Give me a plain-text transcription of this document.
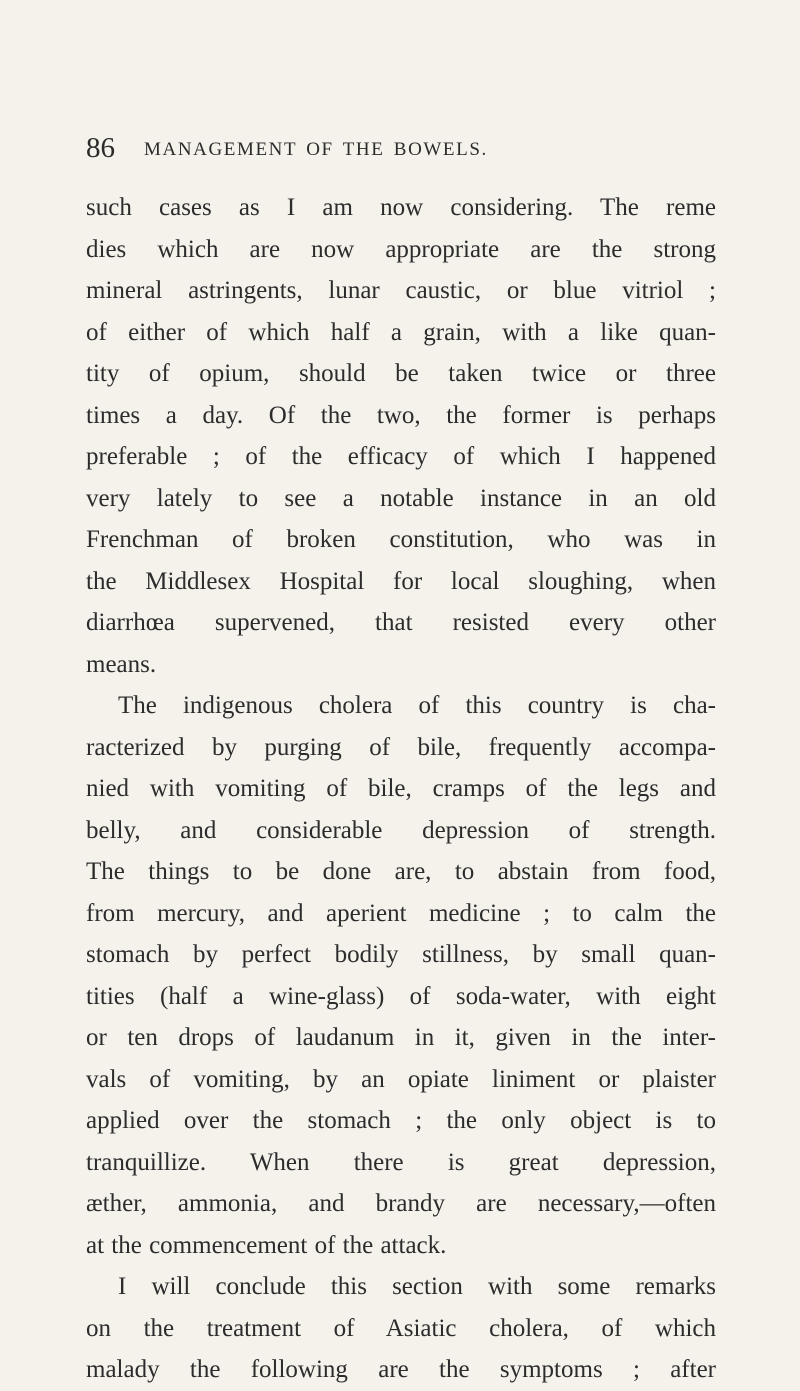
86 MANAGEMENT OF THE BOWELS.
such cases as I am now considering. The reme
dies which are now appropriate are the strong
mineral astringents, lunar caustic, or blue vitriol ;
of either of which half a grain, with a like quan-
tity of opium, should be taken twice or three
times a day. Of the two, the former is perhaps
preferable ; of the efficacy of which I happened
very lately to see a notable instance in an old
Frenchman of broken constitution, who was in
the Middlesex Hospital for local sloughing, when
diarrhœa supervened, that resisted every other
means.
The indigenous cholera of this country is cha-
racterized by purging of bile, frequently accompa-
nied with vomiting of bile, cramps of the legs and
belly, and considerable depression of strength.
The things to be done are, to abstain from food,
from mercury, and aperient medicine ; to calm the
stomach by perfect bodily stillness, by small quan-
tities (half a wine-glass) of soda-water, with eight
or ten drops of laudanum in it, given in the inter-
vals of vomiting, by an opiate liniment or plaister
applied over the stomach ; the only object is to
tranquillize. When there is great depression,
æther, ammonia, and brandy are necessary,—often
at the commencement of the attack.
I will conclude this section with some remarks
on the treatment of Asiatic cholera, of which
malady the following are the symptoms ; after
